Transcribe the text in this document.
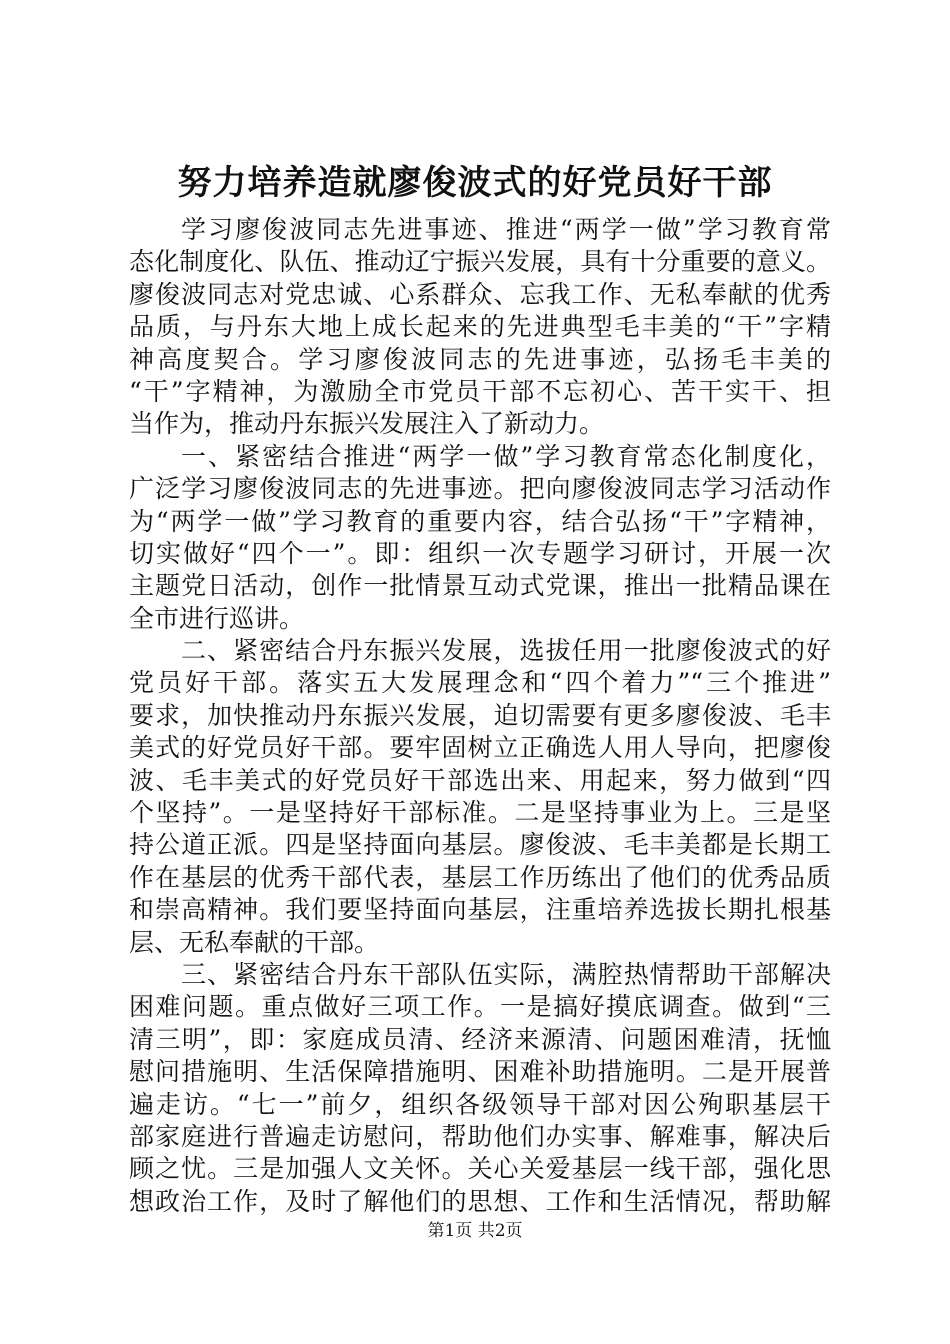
努力培养造就廖俊波式的好党员好干部
学习廖俊波同志先进事迹、推进“两学一做”学习教育常
态化制度化、队伍、推动辽宁振兴发展，具有十分重要的意义。
廖俊波同志对党忠诚、心系群众、忘我工作、无私奉献的优秀
品质，与丹东大地上成长起来的先进典型毛丰美的“干”字精
神高度契合。学习廖俊波同志的先进事迹，弘扬毛丰美的
“干”字精神，为激励全市党员干部不忘初心、苦干实干、担
当作为，推动丹东振兴发展注入了新动力。
一、紧密结合推进“两学一做”学习教育常态化制度化，
广泛学习廖俊波同志的先进事迹。把向廖俊波同志学习活动作
为“两学一做”学习教育的重要内容，结合弘扬“干”字精神，
切实做好“四个一”。即：组织一次专题学习研讨，开展一次
主题党日活动，创作一批情景互动式党课，推出一批精品课在
全市进行巡讲。
二、紧密结合丹东振兴发展，选拔任用一批廖俊波式的好
党员好干部。落实五大发展理念和“四个着力”“三个推进”
要求，加快推动丹东振兴发展，迫切需要有更多廖俊波、毛丰
美式的好党员好干部。要牢固树立正确选人用人导向，把廖俊
波、毛丰美式的好党员好干部选出来、用起来，努力做到“四
个坚持”。一是坚持好干部标准。二是坚持事业为上。三是坚
持公道正派。四是坚持面向基层。廖俊波、毛丰美都是长期工
作在基层的优秀干部代表，基层工作历练出了他们的优秀品质
和崇高精神。我们要坚持面向基层，注重培养选拔长期扎根基
层、无私奉献的干部。
三、紧密结合丹东干部队伍实际，满腔热情帮助干部解决
困难问题。重点做好三项工作。一是搞好摸底调查。做到“三
清三明”，即：家庭成员清、经济来源清、问题困难清，抚恤
慰问措施明、生活保障措施明、困难补助措施明。二是开展普
遍走访。“七一”前夕，组织各级领导干部对因公殉职基层干
部家庭进行普遍走访慰问，帮助他们办实事、解难事，解决后
顾之忧。三是加强人文关怀。关心关爱基层一线干部，强化思
想政治工作，及时了解他们的思想、工作和生活情况，帮助解
第1页 共2页
